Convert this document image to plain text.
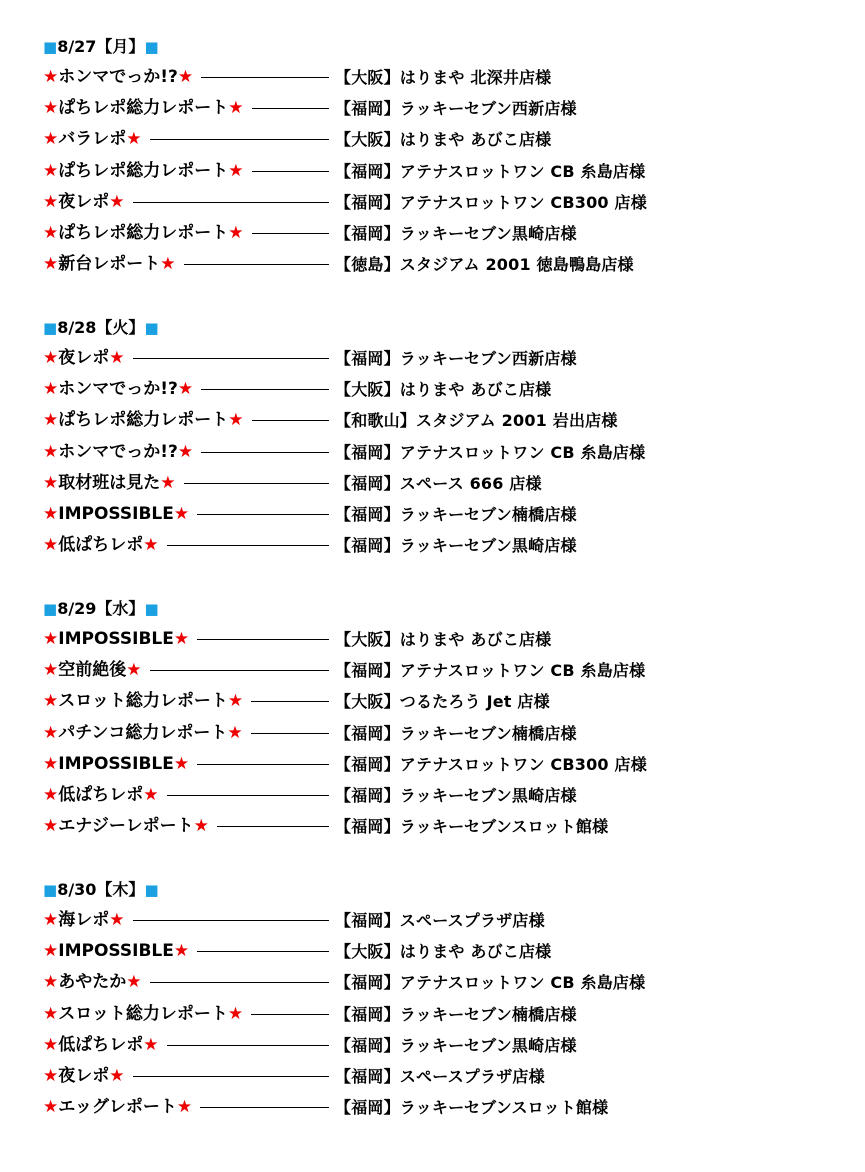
■8/27【月】■
★ホンマでっか!?★	【大阪】はりまや 北深井店様
★ぱちレポ総力レポート★	【福岡】ラッキーセブン西新店様
★バラレポ★	【大阪】はりまや あびこ店様
★ぱちレポ総力レポート★	【福岡】アテナスロットワン CB 糸島店様
★夜レポ★	【福岡】アテナスロットワン CB300 店様
★ぱちレポ総力レポート★	【福岡】ラッキーセブン黒崎店様
★新台レポート★	【徳島】スタジアム 2001 徳島鴨島店様
■8/28【火】■
★夜レポ★	【福岡】ラッキーセブン西新店様
★ホンマでっか!?★	【大阪】はりまや あびこ店様
★ぱちレポ総力レポート★	【和歌山】スタジアム 2001 岩出店様
★ホンマでっか!?★	【福岡】アテナスロットワン CB 糸島店様
★取材班は見た★	【福岡】スペース 666 店様
★IMPOSSIBLE★	【福岡】ラッキーセブン楠橋店様
★低ぱちレポ★	【福岡】ラッキーセブン黒崎店様
■8/29【水】■
★IMPOSSIBLE★	【大阪】はりまや あびこ店様
★空前絶後★	【福岡】アテナスロットワン CB 糸島店様
★スロット総力レポート★	【大阪】つるたろう Jet 店様
★パチンコ総力レポート★	【福岡】ラッキーセブン楠橋店様
★IMPOSSIBLE★	【福岡】アテナスロットワン CB300 店様
★低ぱちレポ★	【福岡】ラッキーセブン黒崎店様
★エナジーレポート★	【福岡】ラッキーセブンスロット館様
■8/30【木】■
★海レポ★	【福岡】スペースプラザ店様
★IMPOSSIBLE★	【大阪】はりまや あびこ店様
★あやたか★	【福岡】アテナスロットワン CB 糸島店様
★スロット総力レポート★	【福岡】ラッキーセブン楠橋店様
★低ぱちレポ★	【福岡】ラッキーセブン黒崎店様
★夜レポ★	【福岡】スペースプラザ店様
★エッグレポート★	【福岡】ラッキーセブンスロット館様
